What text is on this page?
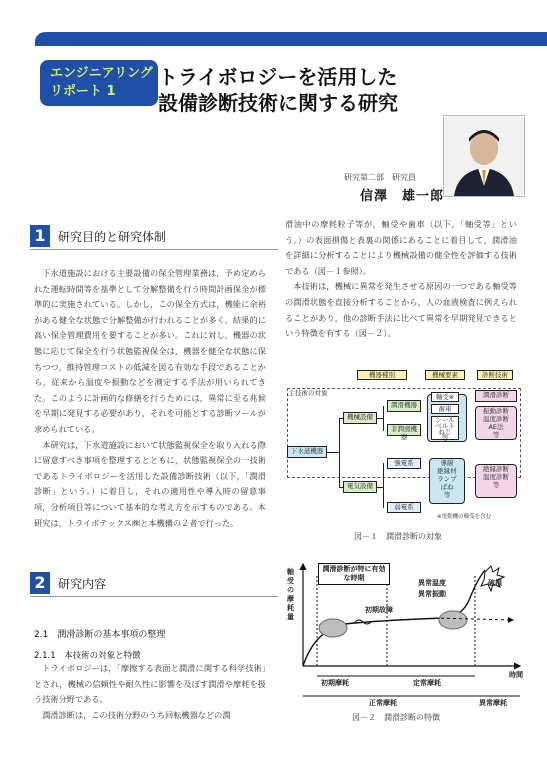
エンジニアリング
リポート 1
トライボロジーを活用した
設備診断技術に関する研究
研究第二部　研究員
信澤　雄一郎
1	研究目的と研究体制

下水道施設における主要設備の保全管理業務は，予め定められた運転時間等を基準として分解整備を行う時間計画保全が標準的に実施されている。しかし，この保全方式は，機能に余裕がある健全な状態で分解整備が行われることが多く，結果的に高い保全管理費用を要することが多い。これに対し，機器の状態に応じて保全を行う状態監視保全は，機器を健全な状態に保ちつつ，維持管理コストの低減を図る有効な手段であることから，従来から温度や振動などを測定する手法が用いられてきた。このように計画的な修繕を行うためには，異常に至る兆候を早期に発見する必要があり，それを可能とする診断ツールが求められている。

本研究は，下水道施設において状態監視保全を取り入れる際に留意すべき事項を整理するとともに，状態監視保全の一技術であるトライボロジーを活用した設備診断技術（以下，「潤滑診断」という。）に着目し，それの適用性や導入時の留意事項，分析項目等について基本的な考え方を示すものである。本研究は，トライボテックス㈱と本機構の２者で行った。

2	研究内容
2.1　潤滑診断の基本事項の整理
2.1.1　本技術の対象と特徴

トライボロジーは，「摩擦する表面と潤滑に関する科学技術」とされ，機械の信頼性や耐久性に影響を及ぼす潤滑や摩耗を扱う技術分野である。

潤滑診断は，この技術分野のうち回転機器などの潤

滑油中の摩耗粒子等が，軸受や歯車（以下，「軸受等」という。）の表面損傷と表裏の関係にあることに着目して，潤滑油を詳細に分析することにより機械設備の健全性を評価する技術である（図－１参照）。

本技術は，機械に異常を発生させる原因の一つである軸受等の潤滑状態を直接分析することから，人の血液検査に例えられることがあり，他の診断手法に比べて異常を早期発見できるという特徴を有する（図－２）。

機器種別	機械要素	診断技術
主技術の対象
下水道機器
機械設備
電気設備
潤滑機器
非潤滑機器
強電系
弱電系
軸受※
歯車
シール
ベルト
ねじ
等
潤滑診断
振動診断
温度診断
AE法
等
導線
絶縁材
ランプ
ばね
等
絶縁診断
温度診断
等
※電動機の軸受を含む
図－１　潤滑診断の対象
軸受の摩耗量
時間
潤滑診断が特に有効な時期
初期故障
異常温度
異常振動
破損
初期摩耗	定常摩耗
正常摩耗	異常摩耗
図－２　潤滑診断の特徴
